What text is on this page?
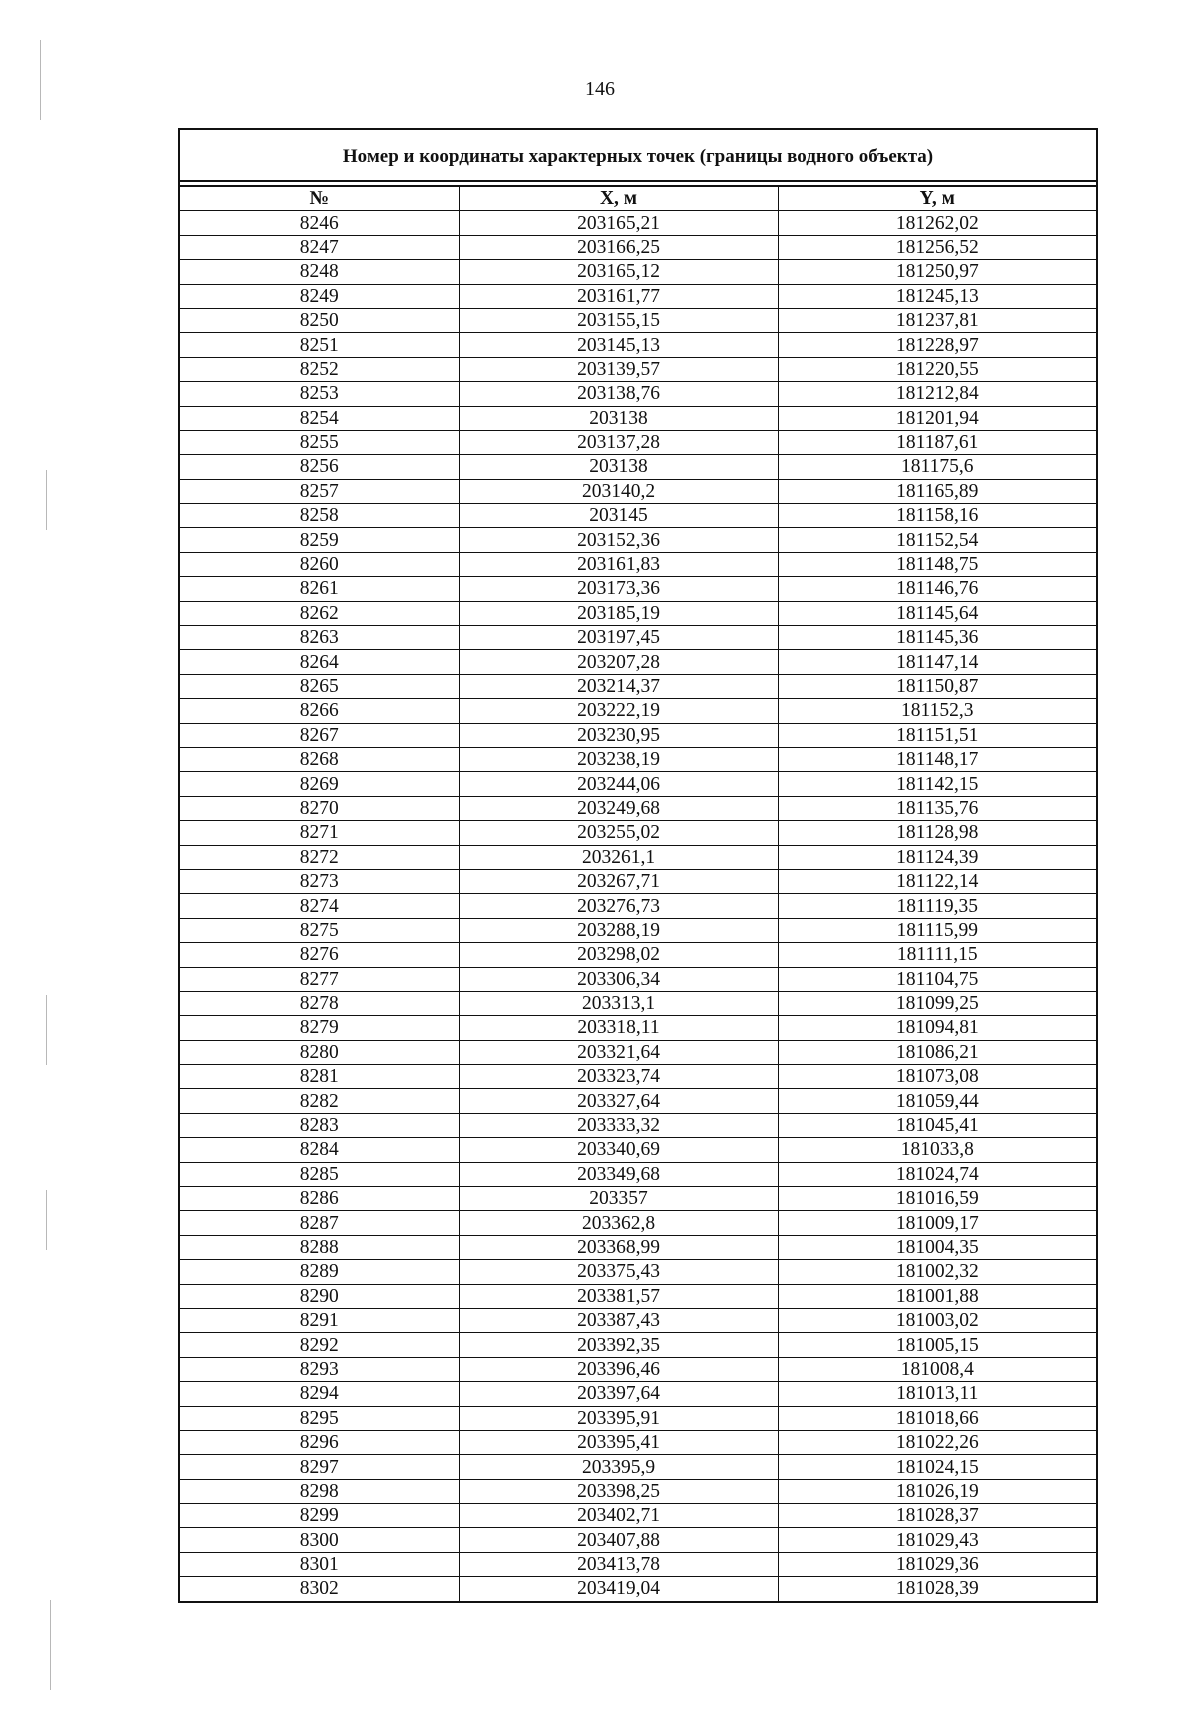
146
Номер и координаты характерных точек (границы водного объекта)
№	X, м	Y, м
8246	203165,21	181262,02
8247	203166,25	181256,52
8248	203165,12	181250,97
8249	203161,77	181245,13
8250	203155,15	181237,81
8251	203145,13	181228,97
8252	203139,57	181220,55
8253	203138,76	181212,84
8254	203138	181201,94
8255	203137,28	181187,61
8256	203138	181175,6
8257	203140,2	181165,89
8258	203145	181158,16
8259	203152,36	181152,54
8260	203161,83	181148,75
8261	203173,36	181146,76
8262	203185,19	181145,64
8263	203197,45	181145,36
8264	203207,28	181147,14
8265	203214,37	181150,87
8266	203222,19	181152,3
8267	203230,95	181151,51
8268	203238,19	181148,17
8269	203244,06	181142,15
8270	203249,68	181135,76
8271	203255,02	181128,98
8272	203261,1	181124,39
8273	203267,71	181122,14
8274	203276,73	181119,35
8275	203288,19	181115,99
8276	203298,02	181111,15
8277	203306,34	181104,75
8278	203313,1	181099,25
8279	203318,11	181094,81
8280	203321,64	181086,21
8281	203323,74	181073,08
8282	203327,64	181059,44
8283	203333,32	181045,41
8284	203340,69	181033,8
8285	203349,68	181024,74
8286	203357	181016,59
8287	203362,8	181009,17
8288	203368,99	181004,35
8289	203375,43	181002,32
8290	203381,57	181001,88
8291	203387,43	181003,02
8292	203392,35	181005,15
8293	203396,46	181008,4
8294	203397,64	181013,11
8295	203395,91	181018,66
8296	203395,41	181022,26
8297	203395,9	181024,15
8298	203398,25	181026,19
8299	203402,71	181028,37
8300	203407,88	181029,43
8301	203413,78	181029,36
8302	203419,04	181028,39
